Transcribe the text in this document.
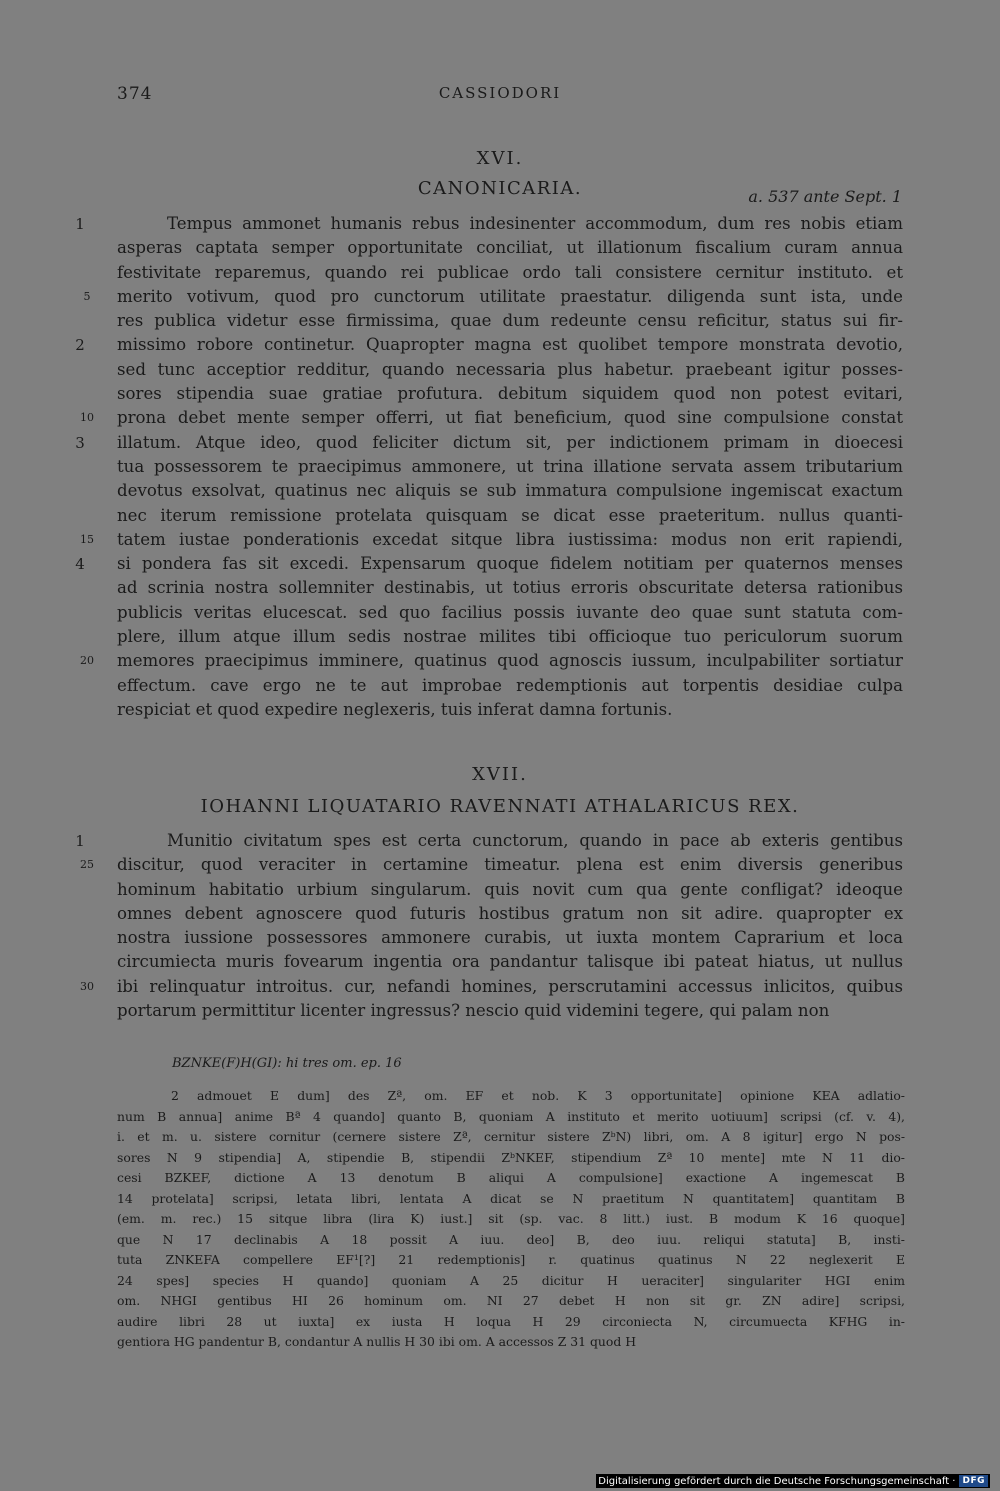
374	CASSIODORI
XVI.
CANONICARIA.	a. 537 ante Sept. 1
1	Tempus ammonet humanis rebus indesinenter accommodum, dum res nobis etiam
asperas captata semper opportunitate conciliat, ut illationum fiscalium curam annua
festivitate reparemus, quando rei publicae ordo tali consistere cernitur instituto. et
5 merito votivum, quod pro cunctorum utilitate praestatur. diligenda sunt ista, unde
res publica videtur esse firmissima, quae dum redeunte censu reficitur, status sui fir-
2 missimo robore continetur. Quapropter magna est quolibet tempore monstrata devotio,
sed tunc acceptior redditur, quando necessaria plus habetur. praebeant igitur posses-
sores stipendia suae gratiae profutura. debitum siquidem quod non potest evitari,
10 prona debet mente semper offerri, ut fiat beneficium, quod sine compulsione constat
3 illatum. Atque ideo, quod feliciter dictum sit, per indictionem primam in dioecesi
tua possessorem te praecipimus ammonere, ut trina illatione servata assem tributarium
devotus exsolvat, quatinus nec aliquis se sub immatura compulsione ingemiscat exactum
nec iterum remissione protelata quisquam se dicat esse praeteritum. nullus quanti-
15 tatem iustae ponderationis excedat sitque libra iustissima: modus non erit rapiendi,
4 si pondera fas sit excedi. Expensarum quoque fidelem notitiam per quaternos menses
ad scrinia nostra sollemniter destinabis, ut totius erroris obscuritate detersa rationibus
publicis veritas elucescat. sed quo facilius possis iuvante deo quae sunt statuta com-
plere, illum atque illum sedis nostrae milites tibi officioque tuo periculorum suorum
20 memores praecipimus imminere, quatinus quod agnoscis iussum, inculpabiliter sortiatur
effectum. cave ergo ne te aut improbae redemptionis aut torpentis desidiae culpa
respiciat et quod expedire neglexeris, tuis inferat damna fortunis.
XVII.
IOHANNI LIQUATARIO RAVENNATI ATHALARICUS REX.
1	Munitio civitatum spes est certa cunctorum, quando in pace ab exteris gentibus
25 discitur, quod veraciter in certamine timeatur. plena est enim diversis generibus
hominum habitatio urbium singularum. quis novit cum qua gente confligat? ideoque
omnes debent agnoscere quod futuris hostibus gratum non sit adire. quapropter ex
nostra iussione possessores ammonere curabis, ut iuxta montem Caprarium et loca
circumiecta muris fovearum ingentia ora pandantur talisque ibi pateat hiatus, ut nullus
30 ibi relinquatur introitus. cur, nefandi homines, perscrutamini accessus inlicitos, quibus
portarum permittitur licenter ingressus? nescio quid videmini tegere, qui palam non
BZNKE(F)H(GI): hi tres om. ep. 16
2 admouet E dum] des Zª, om. EF et nob. K 3 opportunitate] opinione KEA adlatio-
num B annua] anime Bª 4 quando] quanto B, quoniam A instituto et merito uotiuum] scripsi (cf. v. 4),
i. et m. u. sistere cornitur (cernere sistere Zª, cernitur sistere ZᵇN) libri, om. A 8 igitur] ergo N pos-
sores N 9 stipendia] A, stipendie B, stipendii ZᵇNKEF, stipendium Zª 10 mente] mte N 11 dio-
cesi BZKEF, dictione A 13 denotum B aliqui A compulsione] exactione A ingemescat B
14 protelata] scripsi, letata libri, lentata A dicat se N praetitum N quantitatem] quantitam B
(em. m. rec.) 15 sitque libra (lira K) iust.] sit (sp. vac. 8 litt.) iust. B modum K 16 quoque]
que N 17 declinabis A 18 possit A iuu. deo] B, deo iuu. reliqui statuta] B, insti-
tuta ZNKEFA compellere EF¹[?] 21 redemptionis] r. quatinus quatinus N 22 neglexerit E
24 spes] species H quando] quoniam A 25 dicitur H ueraciter] singulariter HGI enim
om. NHGI gentibus HI 26 hominum om. NI 27 debet H non sit gr. ZN adire] scripsi,
audire libri 28 ut iuxta] ex iusta H loqua H 29 circoniecta N, circumuecta KFHG in-
gentiora HG pandentur B, condantur A nullis H 30 ibi om. A accessos Z 31 quod H
Digitalisierung gefördert durch die Deutsche Forschungsgemeinschaft · DFG
